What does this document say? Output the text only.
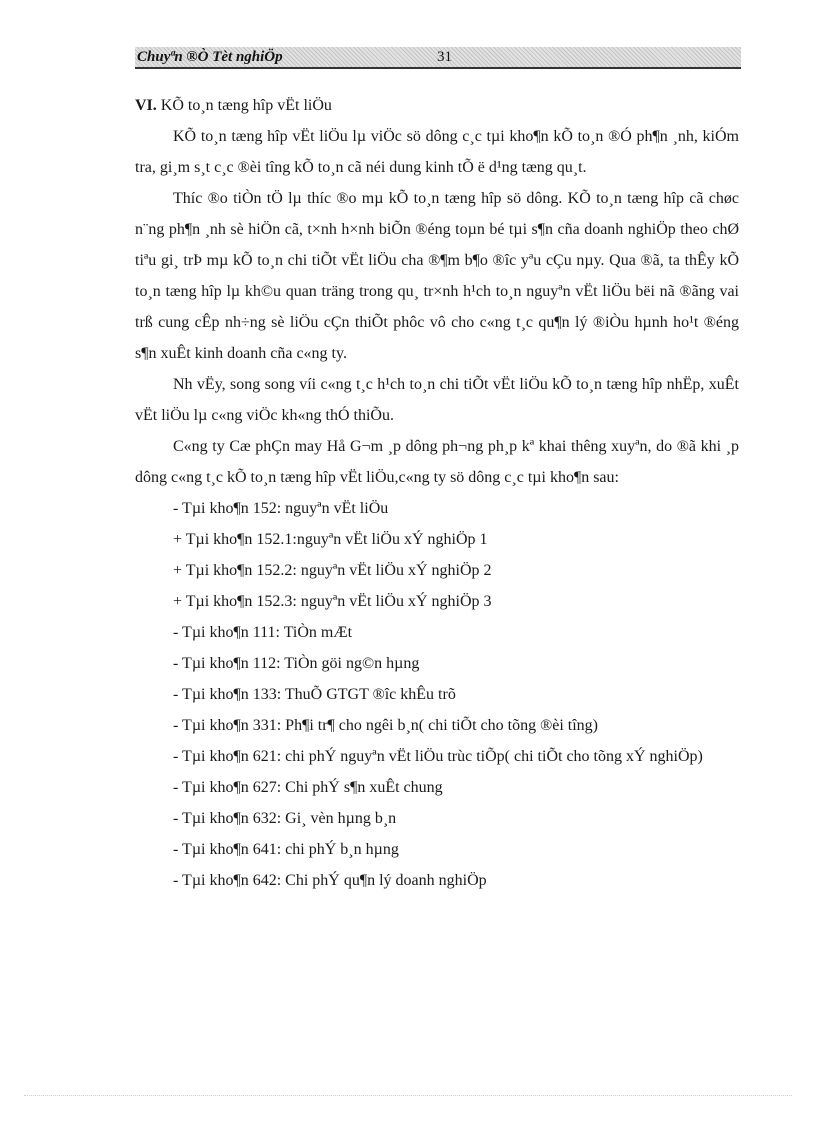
Chuyªn ®Ò Tèt nghiÖp	31

VI. KÕ to¸n tæng hîp vËt liÖu

KÕ to¸n tæng hîp vËt liÖu lµ viÖc sö dông c¸c tµi kho¶n kÕ to¸n ®Ó ph¶n ¸nh, kiÓm tra, gi¸m s¸t c¸c ®èi tîng kÕ to¸n cã néi dung kinh tÕ ë d¹ng tæng qu¸t.

Thíc ®o tiÒn tÖ lµ thíc ®o mµ kÕ to¸n tæng hîp sö dông. KÕ to¸n tæng hîp cã chøc n¨ng ph¶n ¸nh sè hiÖn cã, t×nh h×nh biÕn ®éng toµn bé tµi s¶n cña doanh nghiÖp theo chØ tiªu gi¸ trÞ mµ kÕ to¸n chi tiÕt vËt liÖu cha ®¶m b¶o ®îc yªu cÇu nµy. Qua ®ã, ta thÊy kÕ to¸n tæng hîp lµ kh©u quan träng trong qu¸ tr×nh h¹ch to¸n nguyªn vËt liÖu bëi nã ®ãng vai trß cung cÊp nh÷ng sè liÖu cÇn thiÕt phôc vô cho c«ng t¸c qu¶n lý ®iÒu hµnh ho¹t ®éng s¶n xuÊt kinh doanh cña c«ng ty.

Nh vËy, song song víi c«ng t¸c h¹ch to¸n chi tiÕt vËt liÖu kÕ to¸n tæng hîp nhËp, xuÊt vËt liÖu lµ c«ng viÖc kh«ng thÓ thiÕu.

C«ng ty Cæ phÇn may Hå G¬m ¸p dông ph¬ng ph¸p kª khai thêng xuyªn, do ®ã khi ¸p dông c«ng t¸c kÕ to¸n tæng hîp vËt liÖu,c«ng ty sö dông c¸c tµi kho¶n sau:

- Tµi kho¶n 152: nguyªn vËt liÖu

+ Tµi kho¶n 152.1:nguyªn vËt liÖu xÝ nghiÖp 1

+ Tµi kho¶n 152.2: nguyªn vËt liÖu xÝ nghiÖp 2

+ Tµi kho¶n 152.3: nguyªn vËt liÖu xÝ nghiÖp 3

- Tµi kho¶n 111: TiÒn mÆt

- Tµi kho¶n 112: TiÒn göi ng©n hµng

- Tµi kho¶n 133: ThuÕ GTGT ®îc khÊu trõ

- Tµi kho¶n 331: Ph¶i tr¶ cho ngêi b¸n( chi tiÕt cho tõng ®èi tîng)

- Tµi kho¶n 621: chi phÝ nguyªn vËt liÖu trùc tiÕp( chi tiÕt cho tõng xÝ nghiÖp)

- Tµi kho¶n 627: Chi phÝ s¶n xuÊt chung

- Tµi kho¶n 632: Gi¸ vèn hµng b¸n

- Tµi kho¶n 641: chi phÝ b¸n hµng

- Tµi kho¶n 642: Chi phÝ qu¶n lý doanh nghiÖp
